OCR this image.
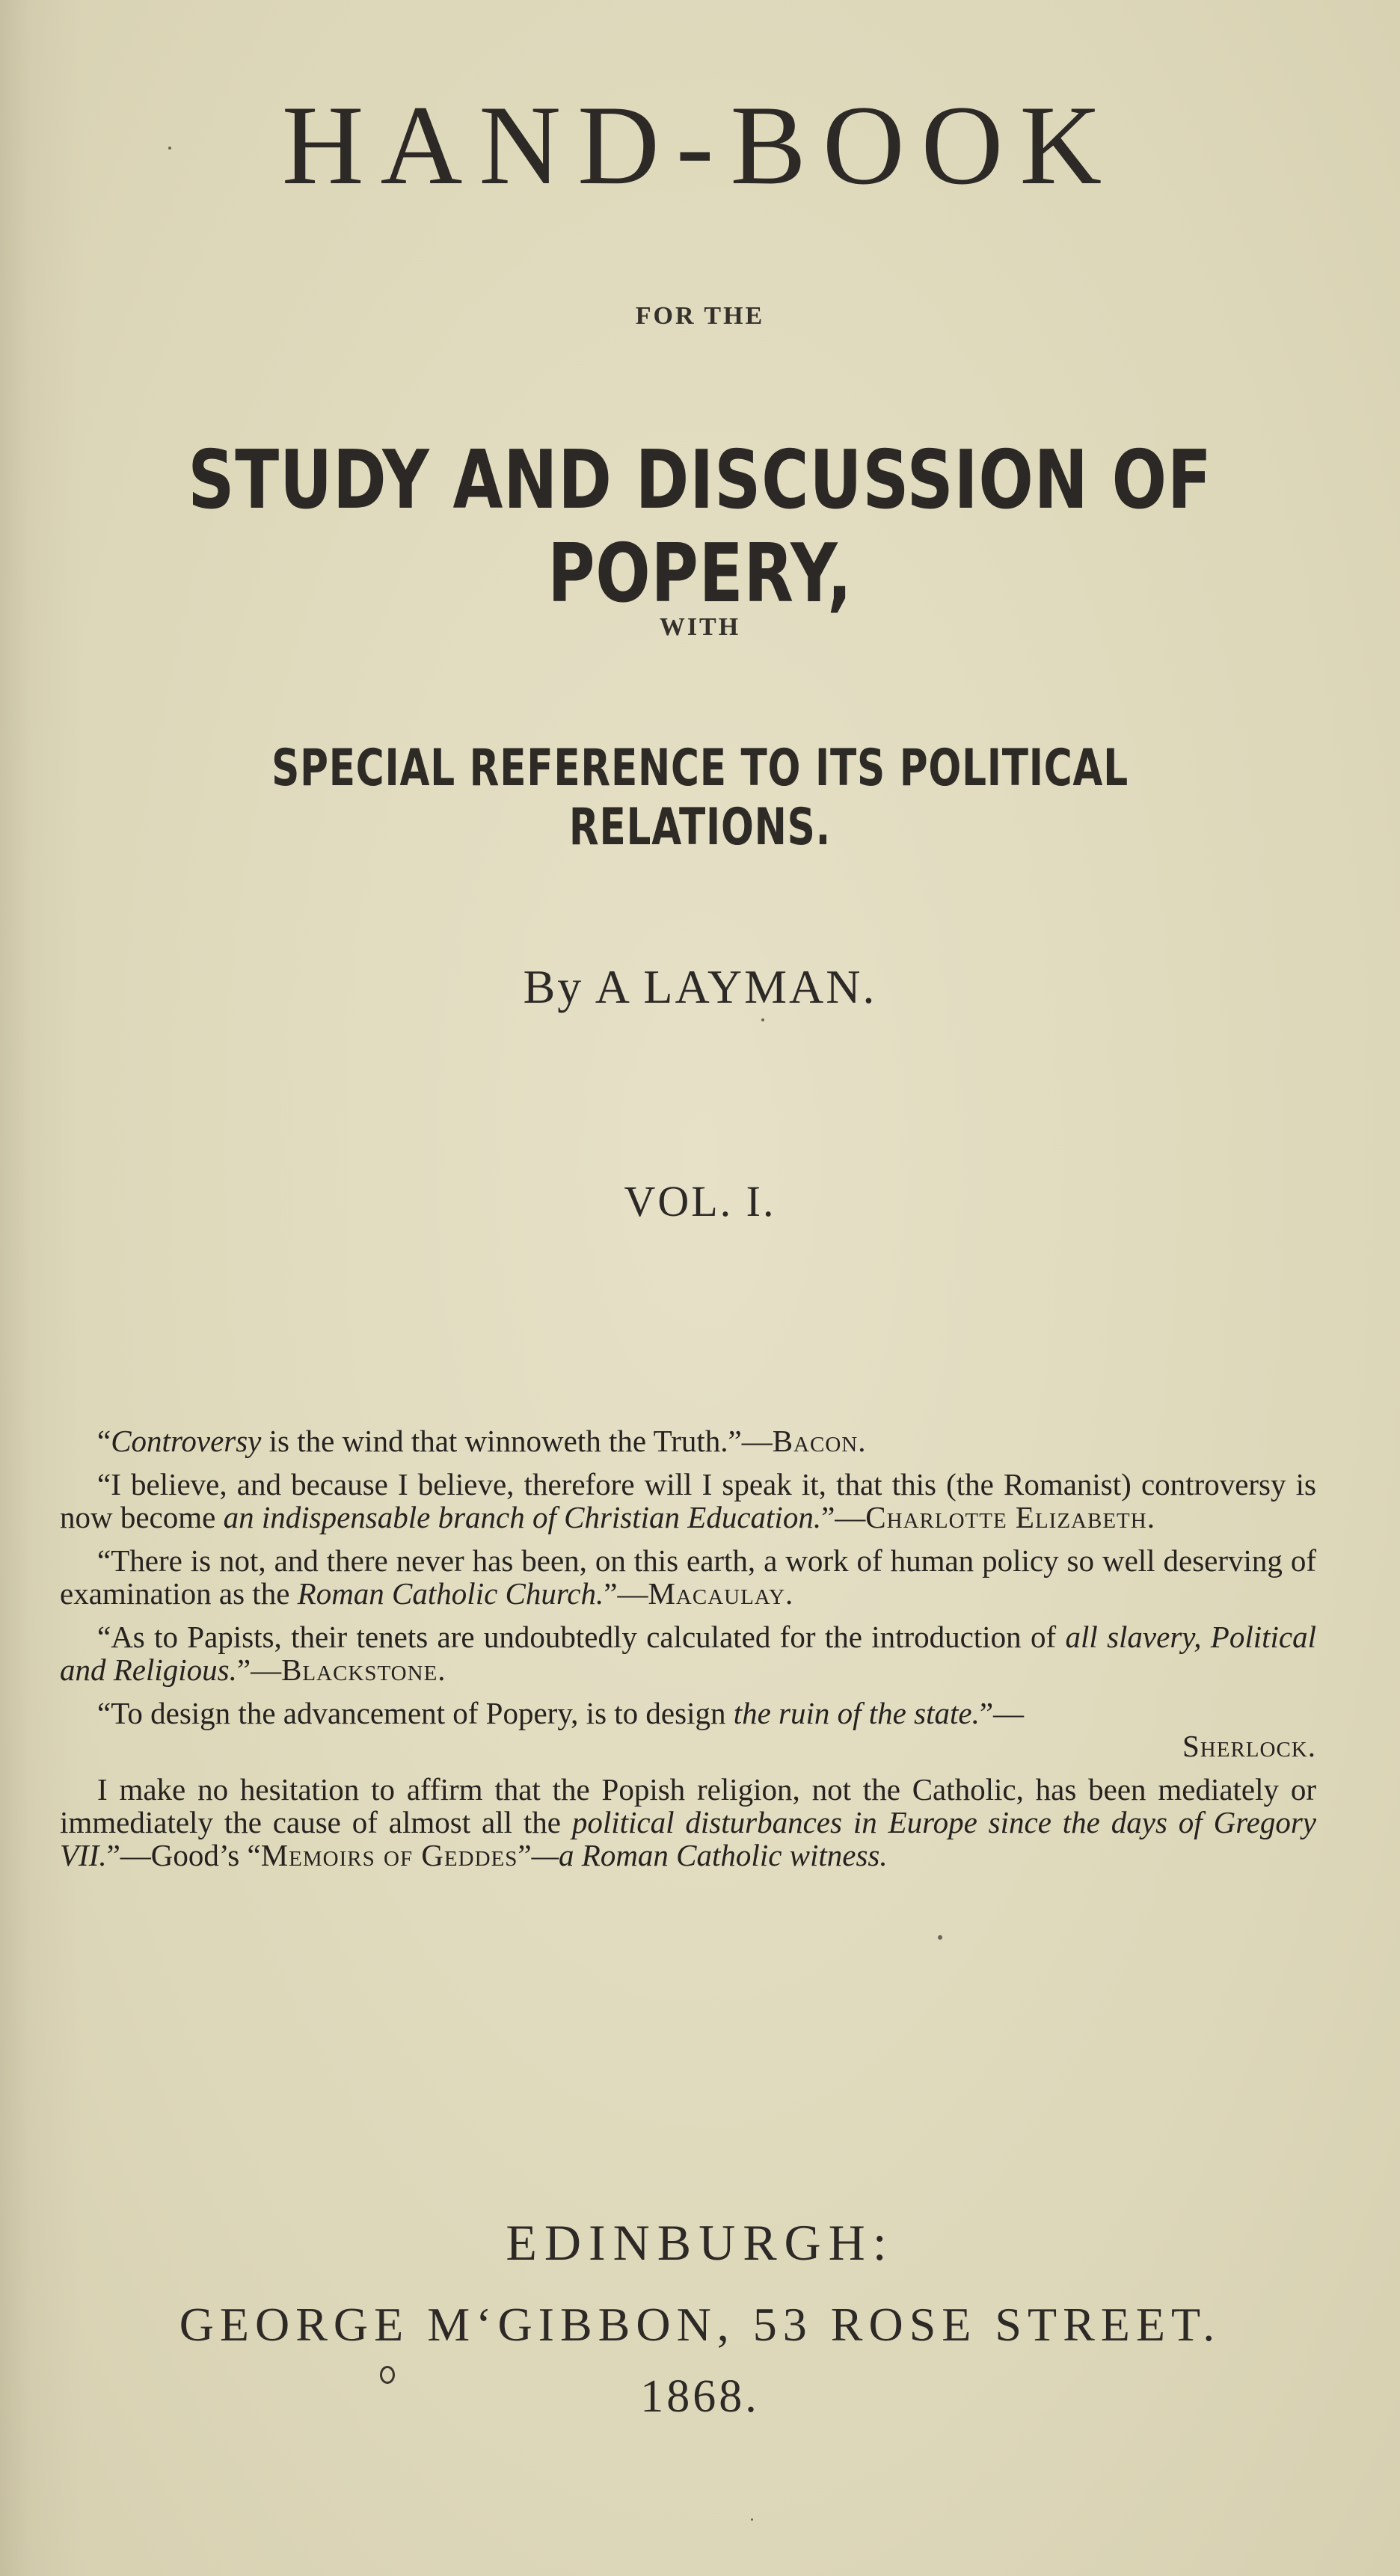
HAND-BOOK
FOR THE
STUDY AND DISCUSSION OF POPERY,
WITH
SPECIAL REFERENCE TO ITS POLITICAL RELATIONS.
By A LAYMAN.
VOL. I.

“Controversy is the wind that winnoweth the Truth.”—Bacon.

“I believe, and because I believe, therefore will I speak it, that this (the Romanist) controversy is now become an indispensable branch of Christian Education.”—Charlotte Elizabeth.

“There is not, and there never has been, on this earth, a work of human policy so well deserving of examination as the Roman Catholic Church.”—Macaulay.

“As to Papists, their tenets are undoubtedly calculated for the introduction of all slavery, Political and Religious.”—Blackstone.

“To design the advancement of Popery, is to design the ruin of the state.”—
Sherlock.

I make no hesitation to affirm that the Popish religion, not the Catholic, has been mediately or immediately the cause of almost all the political disturbances in Europe since the days of Gregory VII.”—Good’s “Memoirs of Geddes”—a Roman Catholic witness.

EDINBURGH:
GEORGE M‘GIBBON, 53 ROSE STREET.
1868.
